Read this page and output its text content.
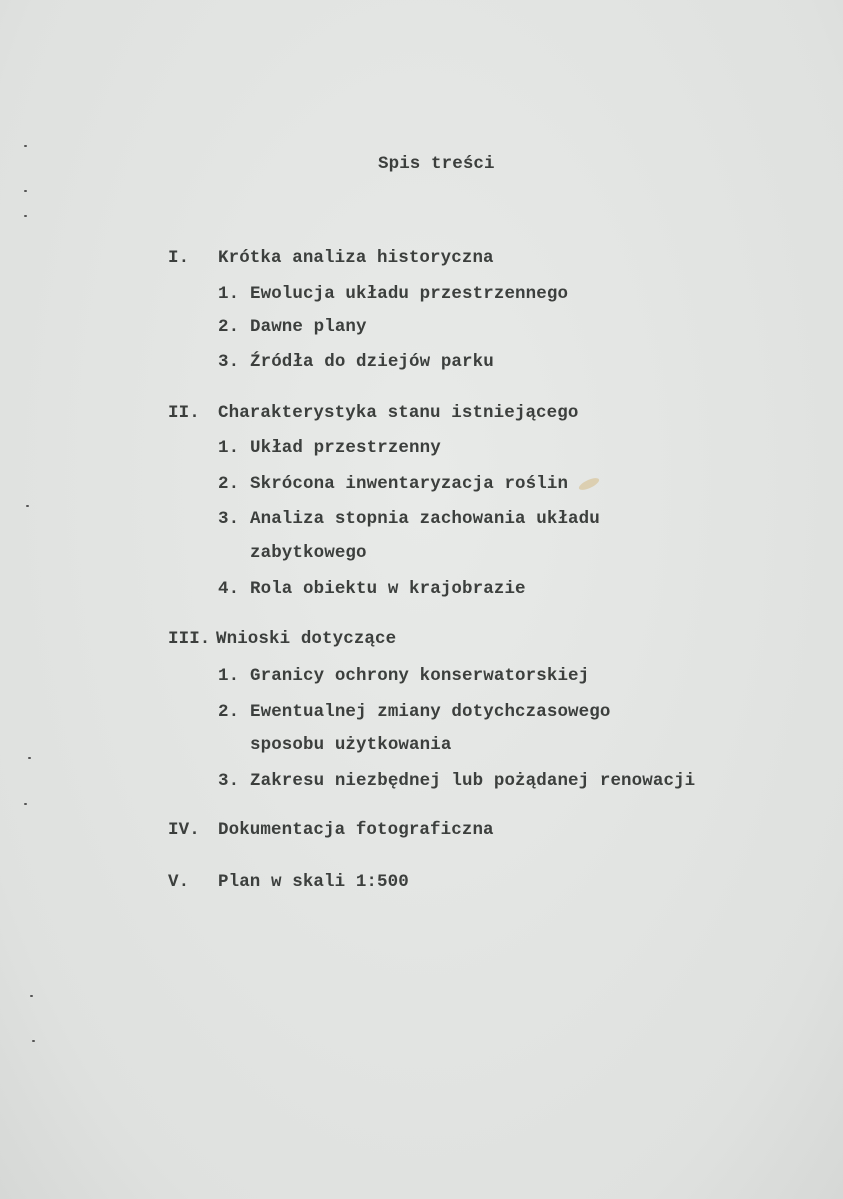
Spis treści
I. Krótka analiza historyczna
1. Ewolucja układu przestrzennego
2. Dawne plany
3. Źródła do dziejów parku
II. Charakterystyka stanu istniejącego
1. Układ przestrzenny
2. Skrócona inwentaryzacja roślin
3. Analiza stopnia zachowania układu
zabytkowego
4. Rola obiektu w krajobrazie
III. Wnioski dotyczące
1. Granicy ochrony konserwatorskiej
2. Ewentualnej zmiany dotychczasowego
sposobu użytkowania
3. Zakresu niezbędnej lub pożądanej renowacji
IV. Dokumentacja fotograficzna
V. Plan w skali 1:500
